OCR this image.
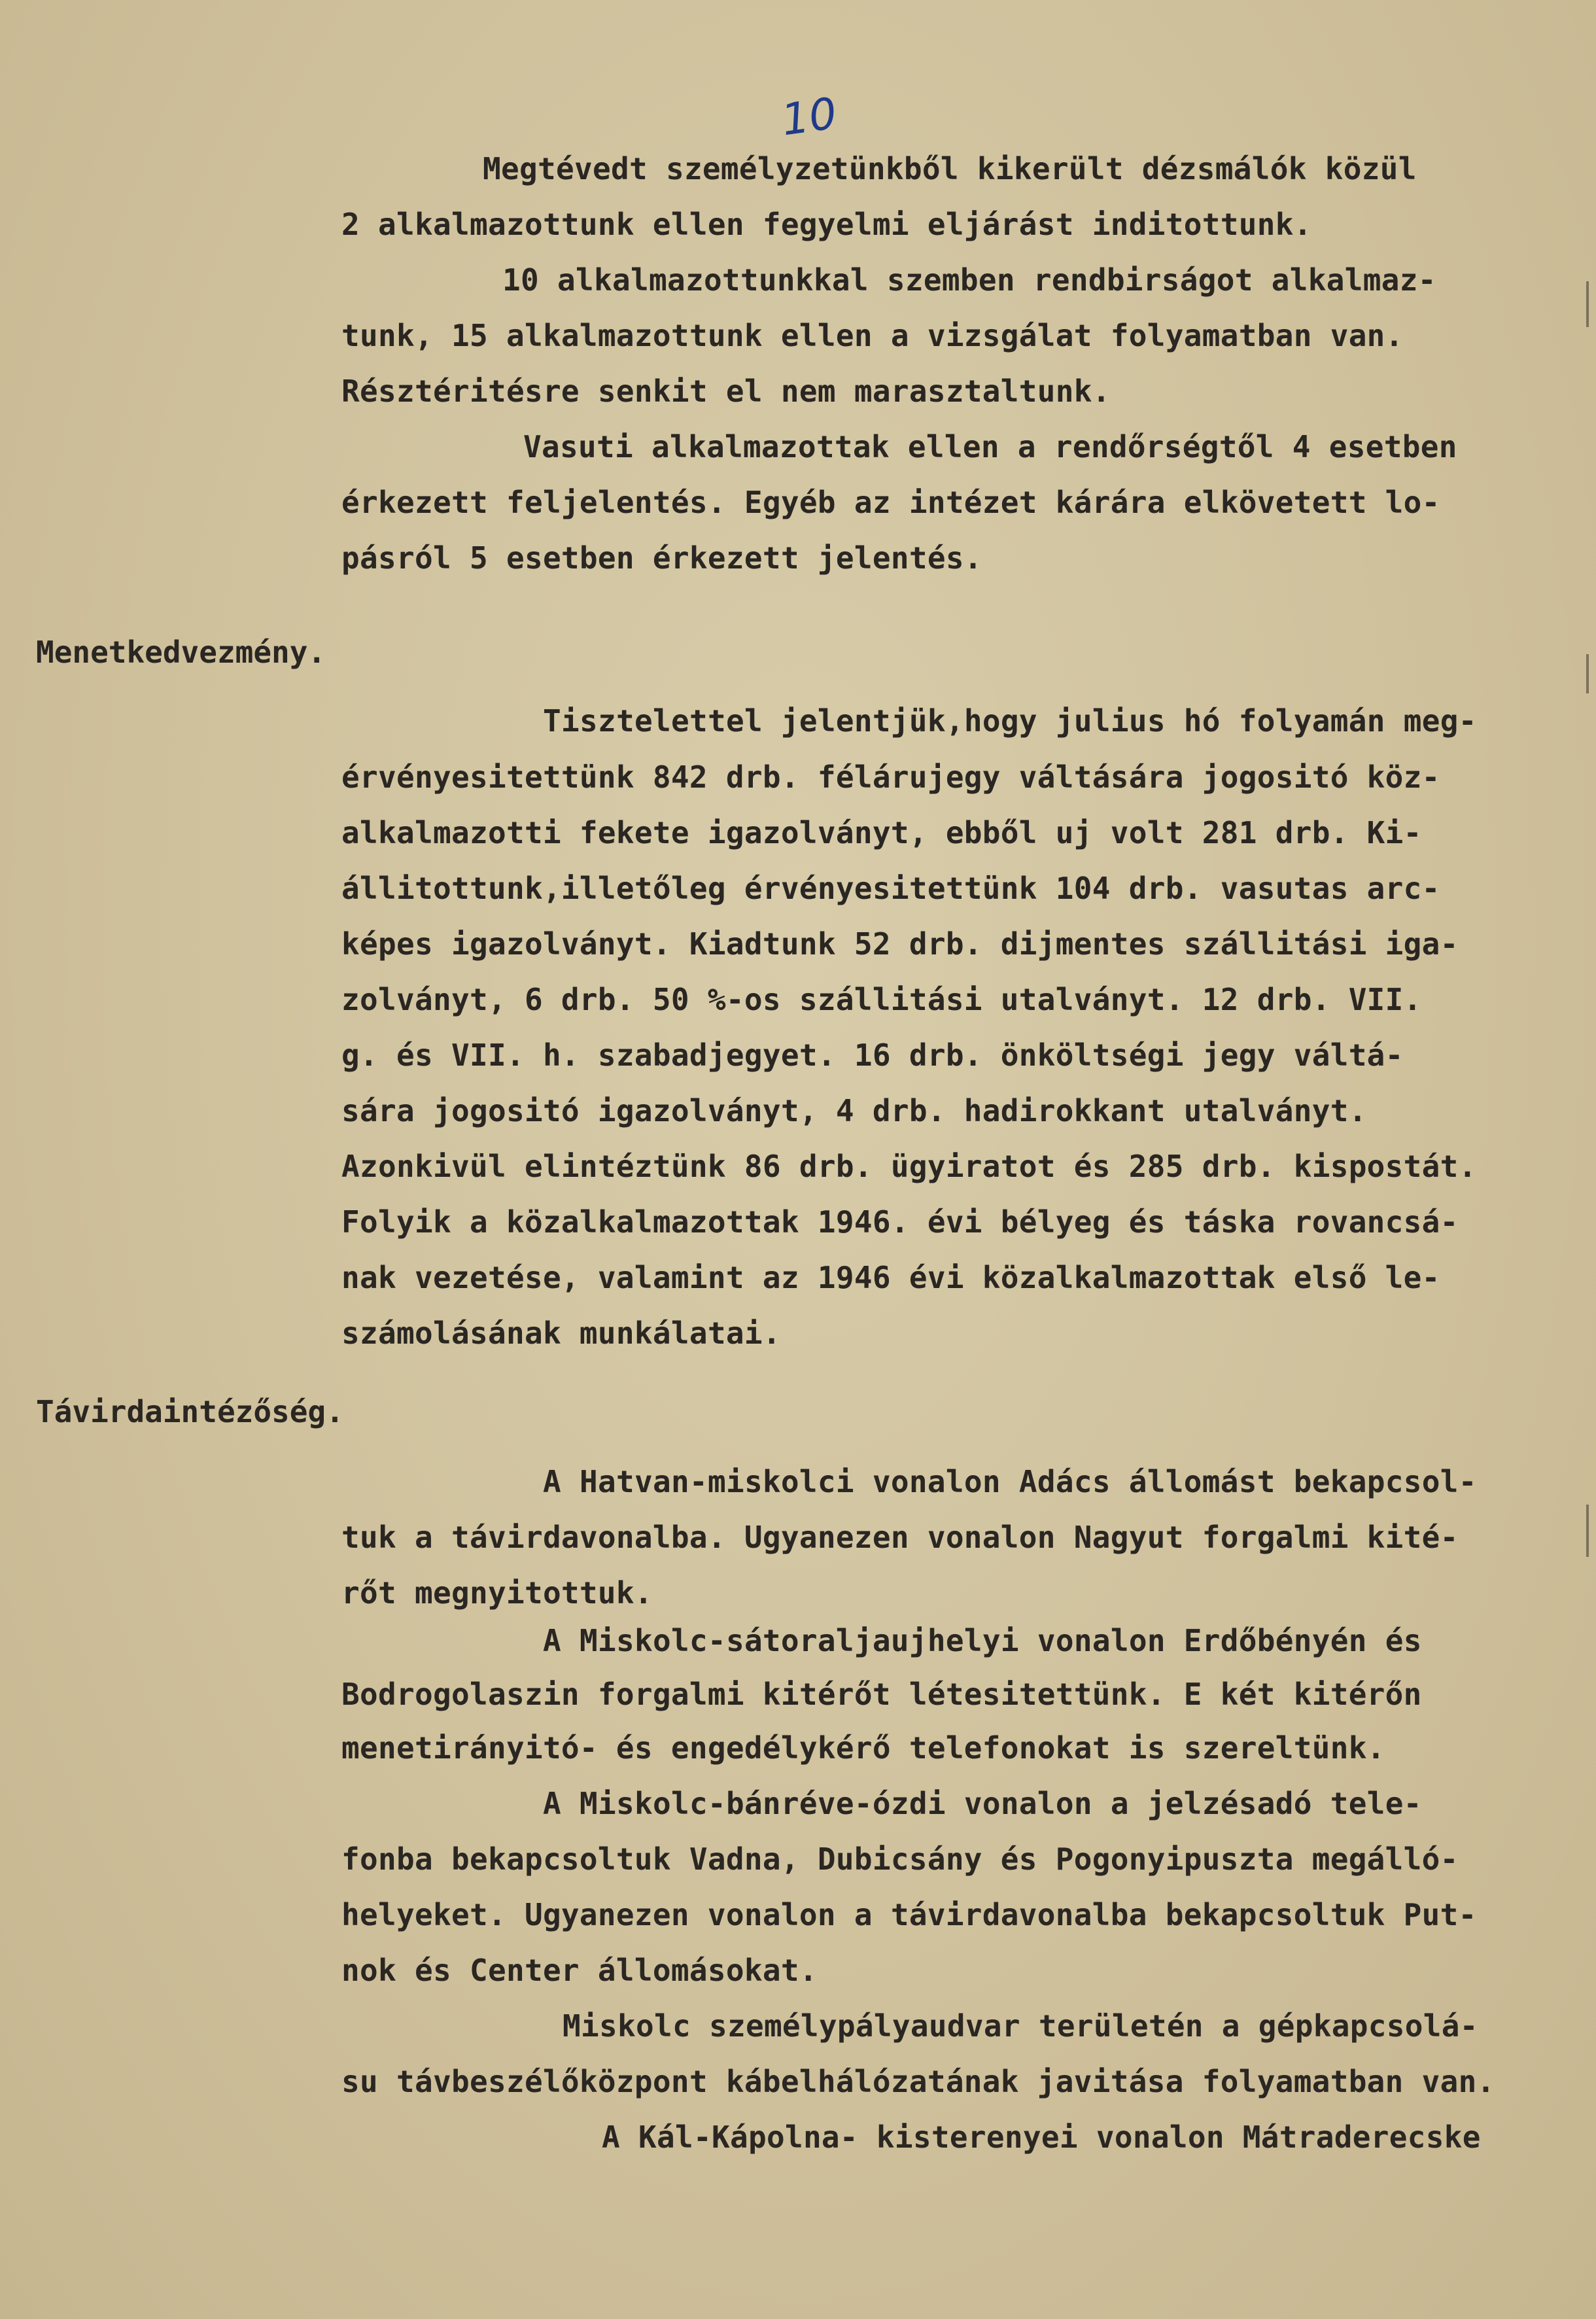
10
Megtévedt személyzetünkből kikerült dézsmálók közül
2 alkalmazottunk ellen fegyelmi eljárást inditottunk.
10 alkalmazottunkkal szemben rendbirságot alkalmaz-
tunk, 15 alkalmazottunk ellen a vizsgálat folyamatban van.
Résztéritésre senkit el nem marasztaltunk.
Vasuti alkalmazottak ellen a rendőrségtől 4 esetben
érkezett feljelentés. Egyéb az intézet kárára elkövetett lo-
pásról 5 esetben érkezett jelentés.
Menetkedvezmény.
Tisztelettel jelentjük,hogy julius hó folyamán meg-
érvényesitettünk 842 drb. félárujegy váltására jogositó köz-
alkalmazotti fekete igazolványt, ebből uj volt 281 drb. Ki-
állitottunk,illetőleg érvényesitettünk 104 drb. vasutas arc-
képes igazolványt. Kiadtunk 52 drb. dijmentes szállitási iga-
zolványt, 6 drb. 50 %-os szállitási utalványt. 12 drb. VII.
g. és VII. h. szabadjegyet. 16 drb. önköltségi jegy váltá-
sára jogositó igazolványt, 4 drb. hadirokkant utalványt.
Azonkivül elintéztünk 86 drb. ügyiratot és 285 drb. kispostát.
Folyik a közalkalmazottak 1946. évi bélyeg és táska rovancsá-
nak vezetése, valamint az 1946 évi közalkalmazottak első le-
számolásának munkálatai.
Távirdaintézőség.
A Hatvan-miskolci vonalon Adács állomást bekapcsol-
tuk a távirdavonalba. Ugyanezen vonalon Nagyut forgalmi kité-
rőt megnyitottuk.
A Miskolc-sátoraljaujhelyi vonalon Erdőbényén és
Bodrogolaszin forgalmi kitérőt létesitettünk. E két kitérőn
menetirányitó- és engedélykérő telefonokat is szereltünk.
A Miskolc-bánréve-ózdi vonalon a jelzésadó tele-
fonba bekapcsoltuk Vadna, Dubicsány és Pogonyipuszta megálló-
helyeket. Ugyanezen vonalon a távirdavonalba bekapcsoltuk Put-
nok és Center állomásokat.
Miskolc személypályaudvar területén a gépkapcsolá-
su távbeszélőközpont kábelhálózatának javitása folyamatban van.
A Kál-Kápolna- kisterenyei vonalon Mátraderecske
